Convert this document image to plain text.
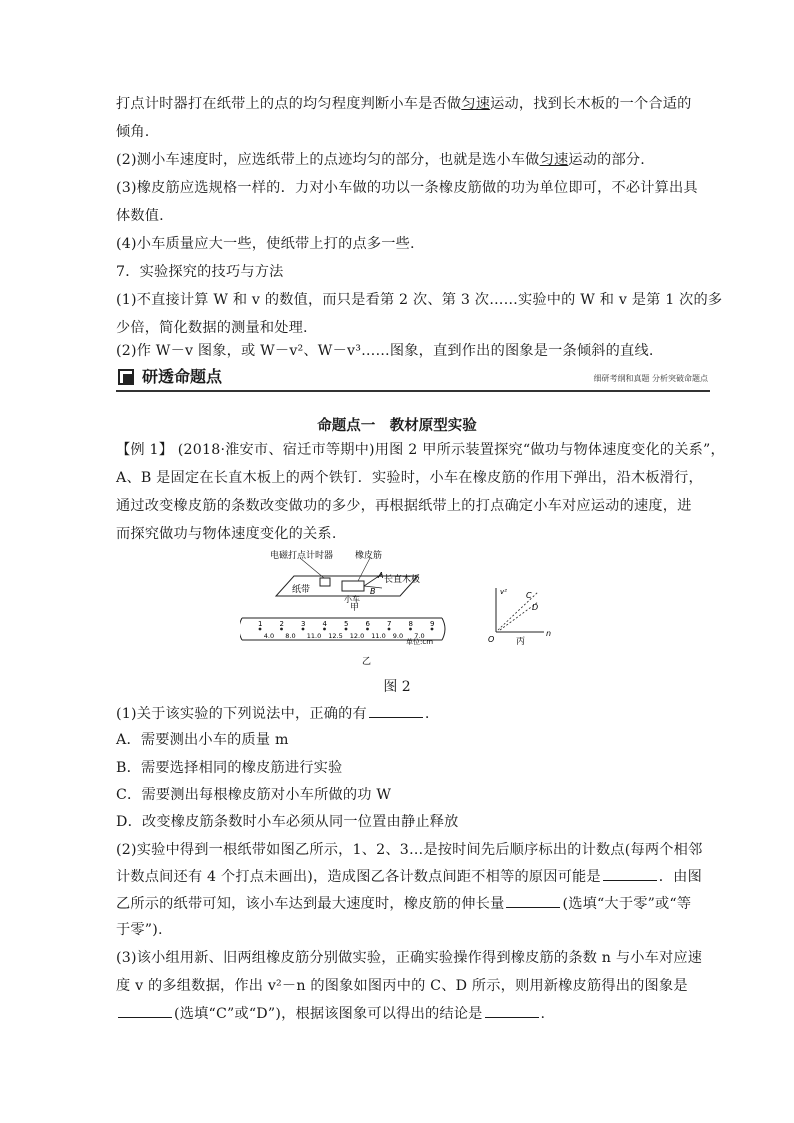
打点计时器打在纸带上的点的均匀程度判断小车是否做匀速运动，找到长木板的一个合适的
倾角.
(2)测小车速度时，应选纸带上的点迹均匀的部分，也就是选小车做匀速运动的部分.
(3)橡皮筋应选规格一样的．力对小车做的功以一条橡皮筋做的功为单位即可，不必计算出具
体数值.
(4)小车质量应大一些，使纸带上打的点多一些.
7．实验探究的技巧与方法
(1)不直接计算 W 和 v 的数值，而只是看第 2 次、第 3 次……实验中的 W 和 v 是第 1 次的多
少倍，简化数据的测量和处理.
(2)作 W－v 图象，或 W－v²、W－v³……图象，直到作出的图象是一条倾斜的直线.
研透命题点	细研考纲和真题 分析突破命题点
命题点一　教材原型实验
【例 1】 (2018·淮安市、宿迁市等期中)用图 2 甲所示装置探究“做功与物体速度变化的关系”，
A、B 是固定在长直木板上的两个铁钉．实验时，小车在橡皮筋的作用下弹出，沿木板滑行，
通过改变橡皮筋的条数改变做功的多少，再根据纸带上的打点确定小车对应运动的速度，进
而探究做功与物体速度变化的关系.
电磁打点计时器 橡皮筋
纸带
小车
长直木板
A
B
甲
1 2 3 4 5 6 7 8 9
4.0 8.0 11.0 12.5 12.0 11.0 9.0 7.0
单位:cm
乙
v²
n
O
C
D
丙
图 2
(1)关于该实验的下列说法中，正确的有	.
A．需要测出小车的质量 m
B．需要选择相同的橡皮筋进行实验
C．需要测出每根橡皮筋对小车所做的功 W
D．改变橡皮筋条数时小车必须从同一位置由静止释放
(2)实验中得到一根纸带如图乙所示，1、2、3…是按时间先后顺序标出的计数点(每两个相邻
计数点间还有 4 个打点未画出)，造成图乙各计数点间距不相等的原因可能是	．由图
乙所示的纸带可知，该小车达到最大速度时，橡皮筋的伸长量	(选填“大于零”或“等
于零”).
(3)该小组用新、旧两组橡皮筋分别做实验，正确实验操作得到橡皮筋的条数 n 与小车对应速
度 v 的多组数据，作出 v²－n 的图象如图丙中的 C、D 所示，则用新橡皮筋得出的图象是
(选填“C”或“D”)，根据该图象可以得出的结论是	.
